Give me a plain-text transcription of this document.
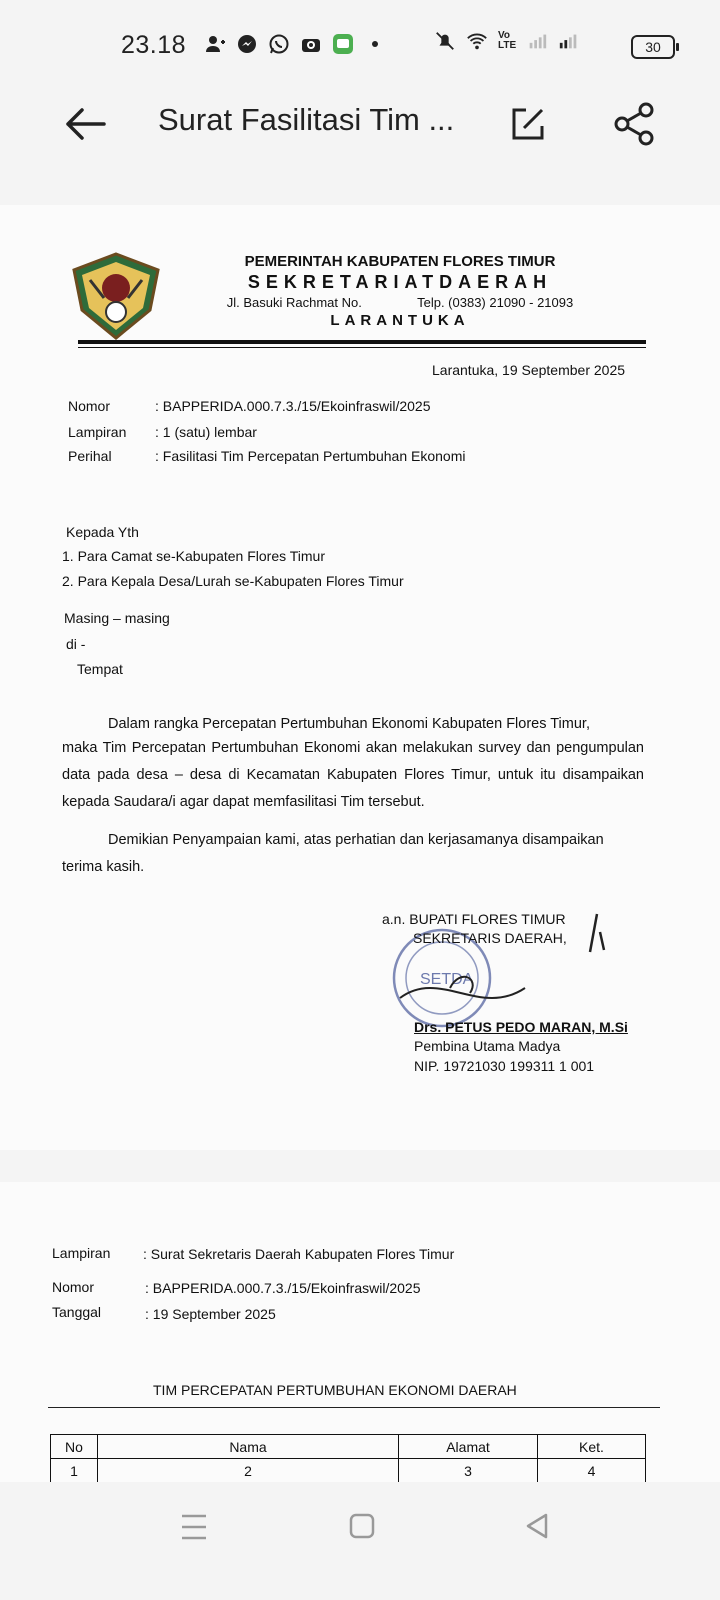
23.18	Vo
LTE	30
Surat Fasilitasi Tim ...
PEMERINTAH KABUPATEN FLORES TIMUR
SEKRETARIATDAERAH
Jl. Basuki Rachmat No.	Telp. (0383) 21090 - 21093
LARANTUKA
Larantuka, 19 September 2025
Nomor	: BAPPERIDA.000.7.3./15/Ekoinfraswil/2025
Lampiran : 1 (satu) lembar
Perihal	: Fasilitasi Tim Percepatan Pertumbuhan Ekonomi
Kepada Yth
1. Para Camat se-Kabupaten Flores Timur
2. Para Kepala Desa/Lurah se-Kabupaten Flores Timur
Masing – masing
di -
Tempat
Dalam rangka Percepatan Pertumbuhan Ekonomi Kabupaten Flores Timur,
maka Tim Percepatan Pertumbuhan Ekonomi akan melakukan survey dan pengumpulan data pada desa – desa di Kecamatan Kabupaten Flores Timur, untuk itu disampaikan kepada Saudara/i agar dapat memfasilitasi Tim tersebut.
Demikian Penyampaian kami, atas perhatian dan kerjasamanya disampaikan
terima kasih.
SETDA
a.n. BUPATI FLORES TIMUR
SEKRETARIS DAERAH,
Drs. PETUS PEDO MARAN, M.Si
Pembina Utama Madya
NIP. 19721030 199311 1 001
Lampiran : Surat Sekretaris Daerah Kabupaten Flores Timur
Nomor	: BAPPERIDA.000.7.3./15/Ekoinfraswil/2025
Tanggal	: 19 September 2025
TIM PERCEPATAN PERTUMBUHAN EKONOMI DAERAH
No	Nama	Alamat	Ket.
1	2	3	4
